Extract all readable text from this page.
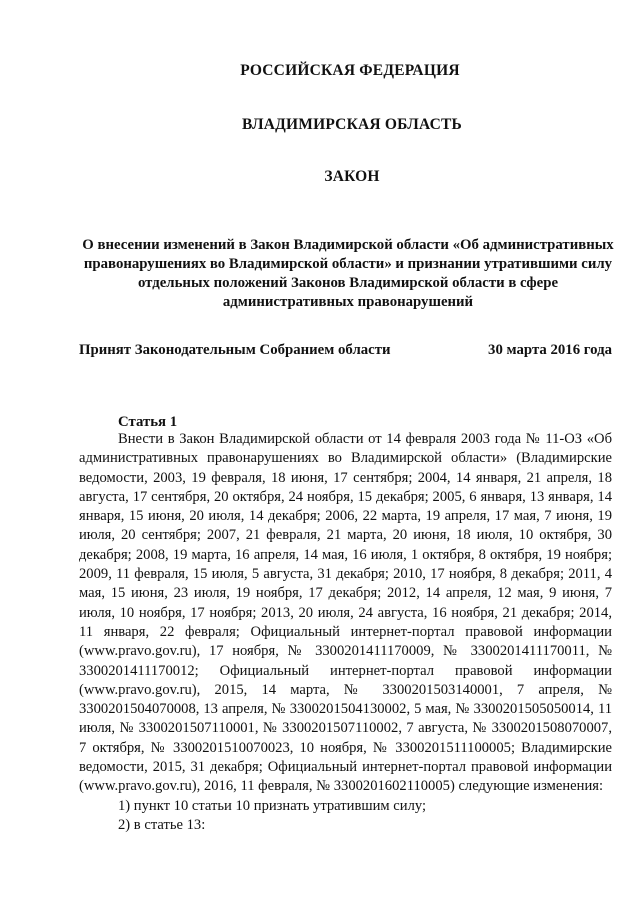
РОССИЙСКАЯ ФЕДЕРАЦИЯ
ВЛАДИМИРСКАЯ ОБЛАСТЬ
ЗАКОН
О внесении изменений в Закон Владимирской области «Об административных правонарушениях во Владимирской области» и признании утратившими силу отдельных положений Законов Владимирской области в сфере административных правонарушений
Принят Законодательным Собранием области	30 марта 2016 года
Статья 1

Внести в Закон Владимирской области от 14 февраля 2003 года № 11-ОЗ «Об административных правонарушениях во Владимирской области» (Владимирские ведомости, 2003, 19 февраля, 18 июня, 17 сентября; 2004, 14 января, 21 апреля, 18 августа, 17 сентября, 20 октября, 24 ноября, 15 декабря; 2005, 6 января, 13 января, 14 января, 15 июня, 20 июля, 14 декабря; 2006, 22 марта, 19 апреля, 17 мая, 7 июня, 19 июля, 20 сентября; 2007, 21 февраля, 21 марта, 20 июня, 18 июля, 10 октября, 30 декабря; 2008, 19 марта, 16 апреля, 14 мая, 16 июля, 1 октября, 8 октября, 19 ноября; 2009, 11 февраля, 15 июля, 5 августа, 31 декабря; 2010, 17 ноября, 8 декабря; 2011, 4 мая, 15 июня, 23 июля, 19 ноября, 17 декабря; 2012, 14 апреля, 12 мая, 9 июня, 7 июля, 10 ноября, 17 ноября; 2013, 20 июля, 24 августа, 16 ноября, 21 декабря; 2014, 11 января, 22 февраля; Официальный интернет-портал правовой информации (www.pravo.gov.ru), 17 ноября, № 3300201411170009, № 3300201411170011, № 3300201411170012; Официальный интернет-портал правовой информации (www.pravo.gov.ru), 2015, 14 марта, № 3300201503140001, 7 апреля, № 3300201504070008, 13 апреля, № 3300201504130002, 5 мая, № 3300201505050014, 11 июля, № 3300201507110001, № 3300201507110002, 7 августа, № 3300201508070007, 7 октября, № 3300201510070023, 10 ноября, № 3300201511100005; Владимирские ведомости, 2015, 31 декабря; Официальный интернет-портал правовой информации (www.pravo.gov.ru), 2016, 11 февраля, № 3300201602110005) следующие изменения:

1) пункт 10 статьи 10 признать утратившим силу;

2) в статье 13:
